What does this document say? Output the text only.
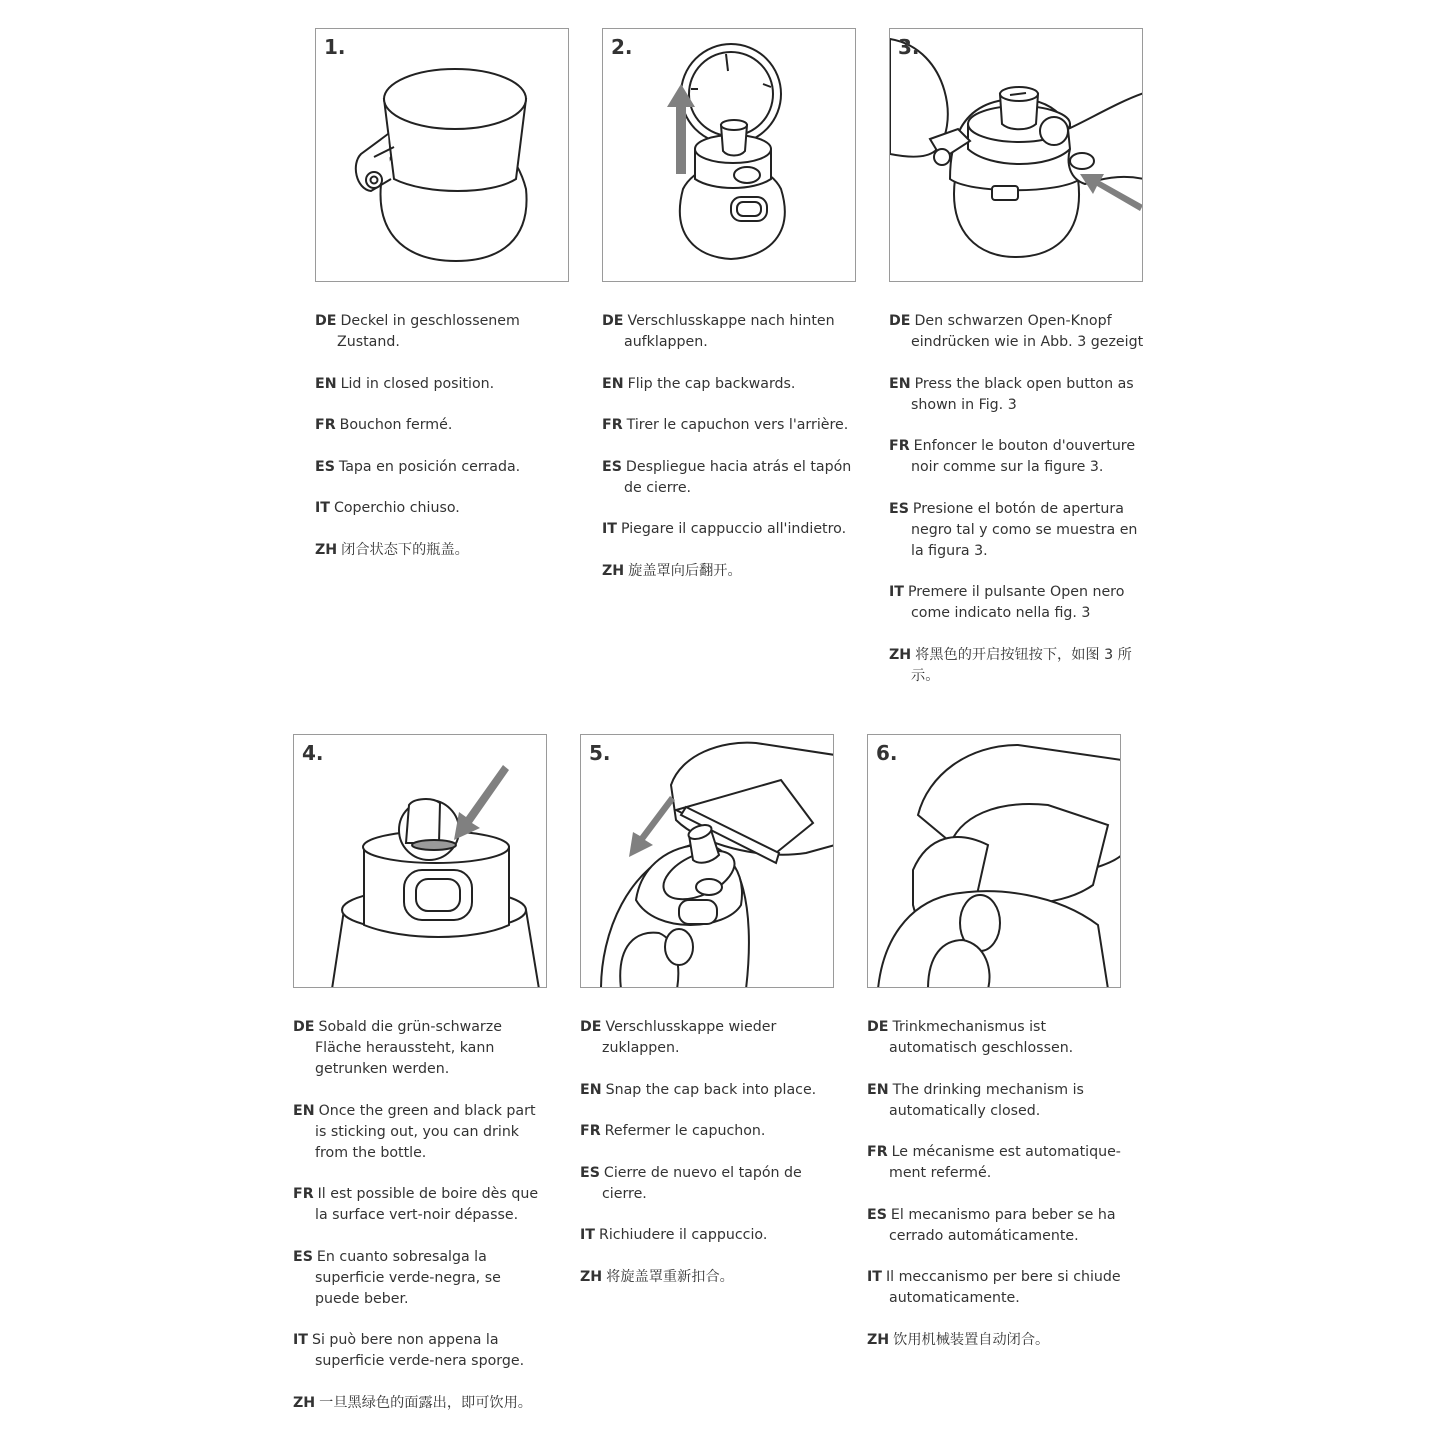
1.	2.	3.
4.	5.	6.
DE Deckel in geschlossenem Zustand.
EN Lid in closed position.
FR Bouchon fermé.
ES Tapa en posición cerrada.
IT Coperchio chiuso.
ZH 闭合状态下的瓶盖。
DE Verschlusskappe nach hinten aufklappen.
EN Flip the cap backwards.
FR Tirer le capuchon vers l'arrière.
ES Despliegue hacia atrás el tapón de cierre.
IT Piegare il cappuccio all'indietro.
ZH 旋盖罩向后翻开。
DE Den schwarzen Open-Knopf eindrücken wie in Abb. 3 gezeigt
EN Press the black open button as shown in Fig. 3
FR Enfoncer le bouton d'ouverture noir comme sur la figure 3.
ES Presione el botón de apertura negro tal y como se muestra en la figura 3.
IT Premere il pulsante Open nero come indicato nella fig. 3
ZH 将黑色的开启按钮按下，如图 3 所示。
DE Sobald die grün-schwarze Fläche heraussteht, kann getrunken werden.
EN Once the green and black part is sticking out, you can drink from the bottle.
FR Il est possible de boire dès que la surface vert-noir dépasse.
ES En cuanto sobresalga la superficie verde-negra, se puede beber.
IT Si può bere non appena la superficie verde-nera sporge.
ZH 一旦黑绿色的面露出，即可饮用。
DE Verschlusskappe wieder zuklappen.
EN Snap the cap back into place.
FR Refermer le capuchon.
ES Cierre de nuevo el tapón de cierre.
IT Richiudere il cappuccio.
ZH 将旋盖罩重新扣合。
DE Trinkmechanismus ist automatisch geschlossen.
EN The drinking mechanism is automatically closed.
FR Le mécanisme est automatique- ment refermé.
ES El mecanismo para beber se ha cerrado automáticamente.
IT Il meccanismo per bere si chiude automaticamente.
ZH 饮用机械装置自动闭合。
